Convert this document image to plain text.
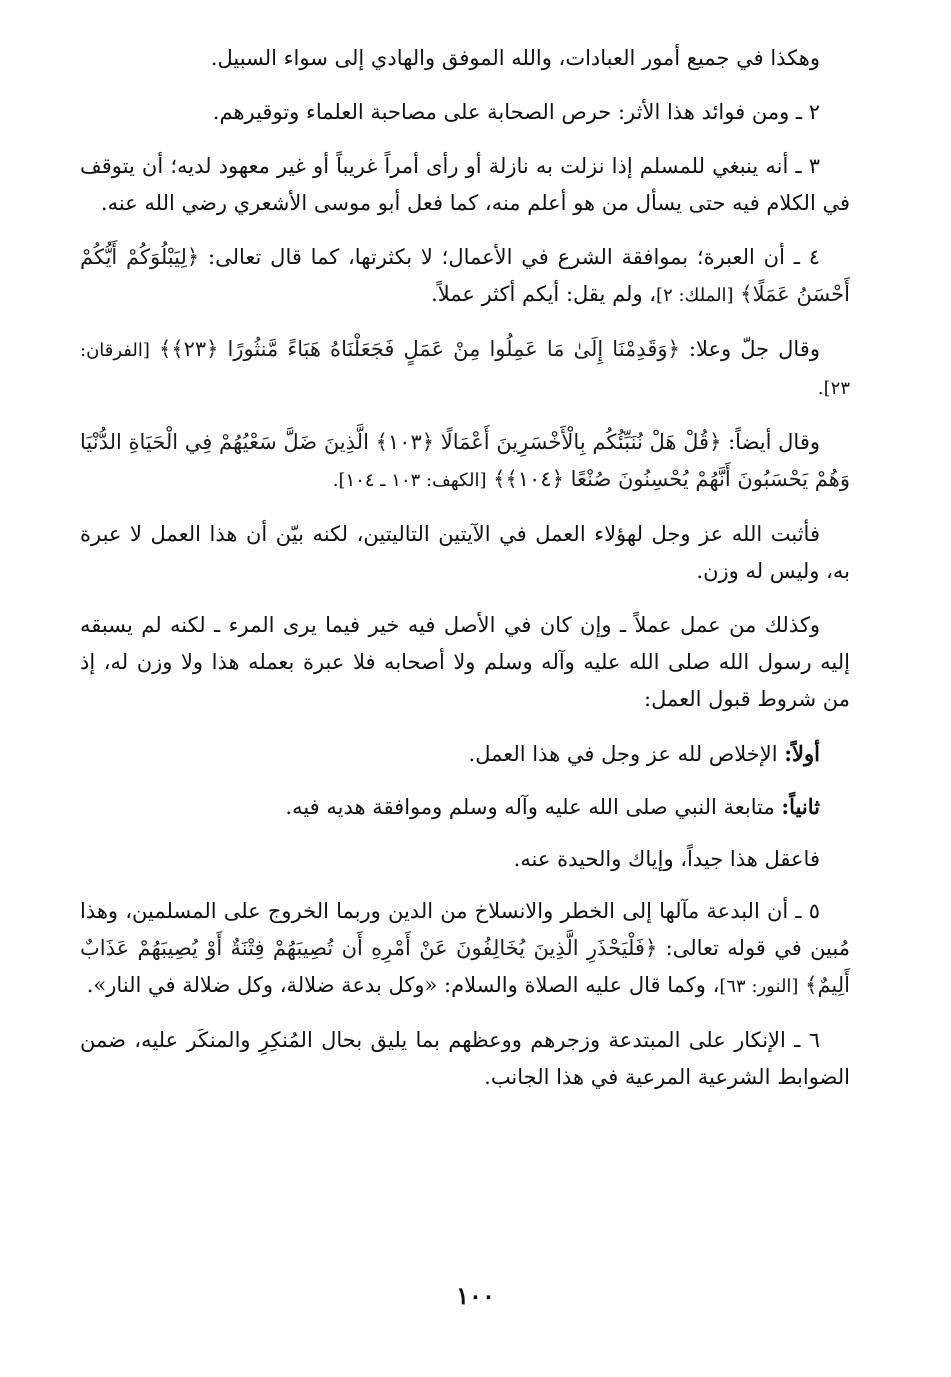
وهكذا في جميع أمور العبادات، والله الموفق والهادي إلى سواء السبيل.

٢ ـ ومن فوائد هذا الأثر: حرص الصحابة على مصاحبة العلماء وتوقيرهم.

٣ ـ أنه ينبغي للمسلم إذا نزلت به نازلة أو رأى أمراً غريباً أو غير معهود لديه؛ أن يتوقف في الكلام فيه حتى يسأل من هو أعلم منه، كما فعل أبو موسى الأشعري رضي الله عنه.

٤ ـ أن العبرة؛ بموافقة الشرع في الأعمال؛ لا بكثرتها، كما قال تعالى: ﴿لِيَبْلُوَكُمْ أَيُّكُمْ أَحْسَنُ عَمَلًا﴾ [الملك: ٢]، ولم يقل: أيكم أكثر عملاً.

وقال جلّ وعلا: ﴿وَقَدِمْنَا إِلَىٰ مَا عَمِلُوا مِنْ عَمَلٍ فَجَعَلْنَاهُ هَبَاءً مَّنثُورًا ﴿٢٣﴾﴾ [الفرقان: ٢٣].

وقال أيضاً: ﴿قُلْ هَلْ نُنَبِّئُكُم بِالْأَخْسَرِينَ أَعْمَالًا ﴿١٠٣﴾ الَّذِينَ ضَلَّ سَعْيُهُمْ فِي الْحَيَاةِ الدُّنْيَا وَهُمْ يَحْسَبُونَ أَنَّهُمْ يُحْسِنُونَ صُنْعًا ﴿١٠٤﴾﴾ [الكهف: ١٠٣ ـ ١٠٤].

فأثبت الله عز وجل لهؤلاء العمل في الآيتين التاليتين، لكنه بيّن أن هذا العمل لا عبرة به، وليس له وزن.

وكذلك من عمل عملاً ـ وإن كان في الأصل فيه خير فيما يرى المرء ـ لكنه لم يسبقه إليه رسول الله صلى الله عليه وآله وسلم ولا أصحابه فلا عبرة بعمله هذا ولا وزن له، إذ من شروط قبول العمل:

أولاً: الإخلاص لله عز وجل في هذا العمل.

ثانياً: متابعة النبي صلى الله عليه وآله وسلم وموافقة هديه فيه.

فاعقل هذا جيداً، وإياك والحيدة عنه.

٥ ـ أن البدعة مآلها إلى الخطر والانسلاخ من الدين وربما الخروج على المسلمين، وهذا مُبين في قوله تعالى: ﴿فَلْيَحْذَرِ الَّذِينَ يُخَالِفُونَ عَنْ أَمْرِهِ أَن تُصِيبَهُمْ فِتْنَةٌ أَوْ يُصِيبَهُمْ عَذَابٌ أَلِيمٌ﴾ [النور: ٦٣]، وكما قال عليه الصلاة والسلام: «وكل بدعة ضلالة، وكل ضلالة في النار».

٦ ـ الإنكار على المبتدعة وزجرهم ووعظهم بما يليق بحال المُنكِرِ والمنكَر عليه، ضمن الضوابط الشرعية المرعية في هذا الجانب.

١٠٠
